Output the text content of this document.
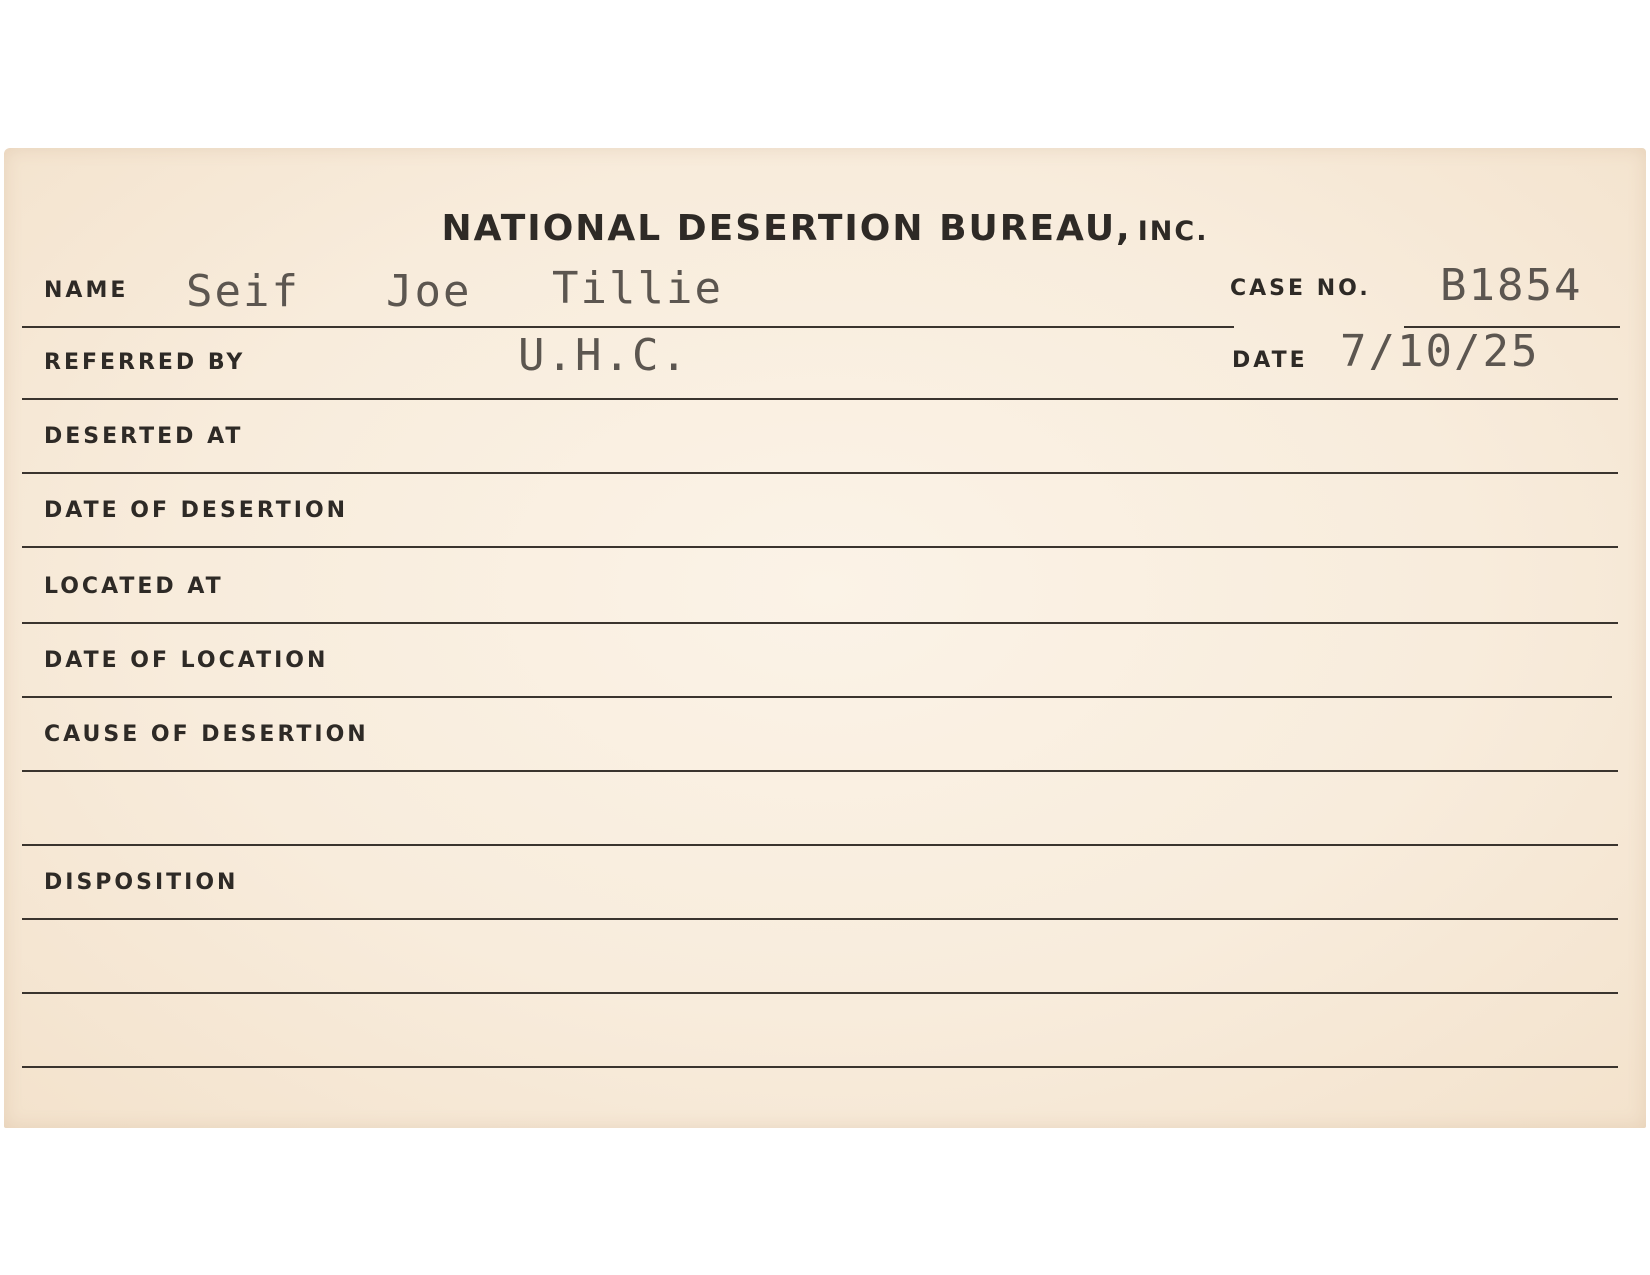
NATIONAL DESERTION BUREAU, INC.
NAME Seif Joe Tillie	CASE NO. B1854
REFERRED BY	U.H.C.	DATE 7/10/25
DESERTED AT
DATE OF DESERTION
LOCATED AT
DATE OF LOCATION
CAUSE OF DESERTION
DISPOSITION
